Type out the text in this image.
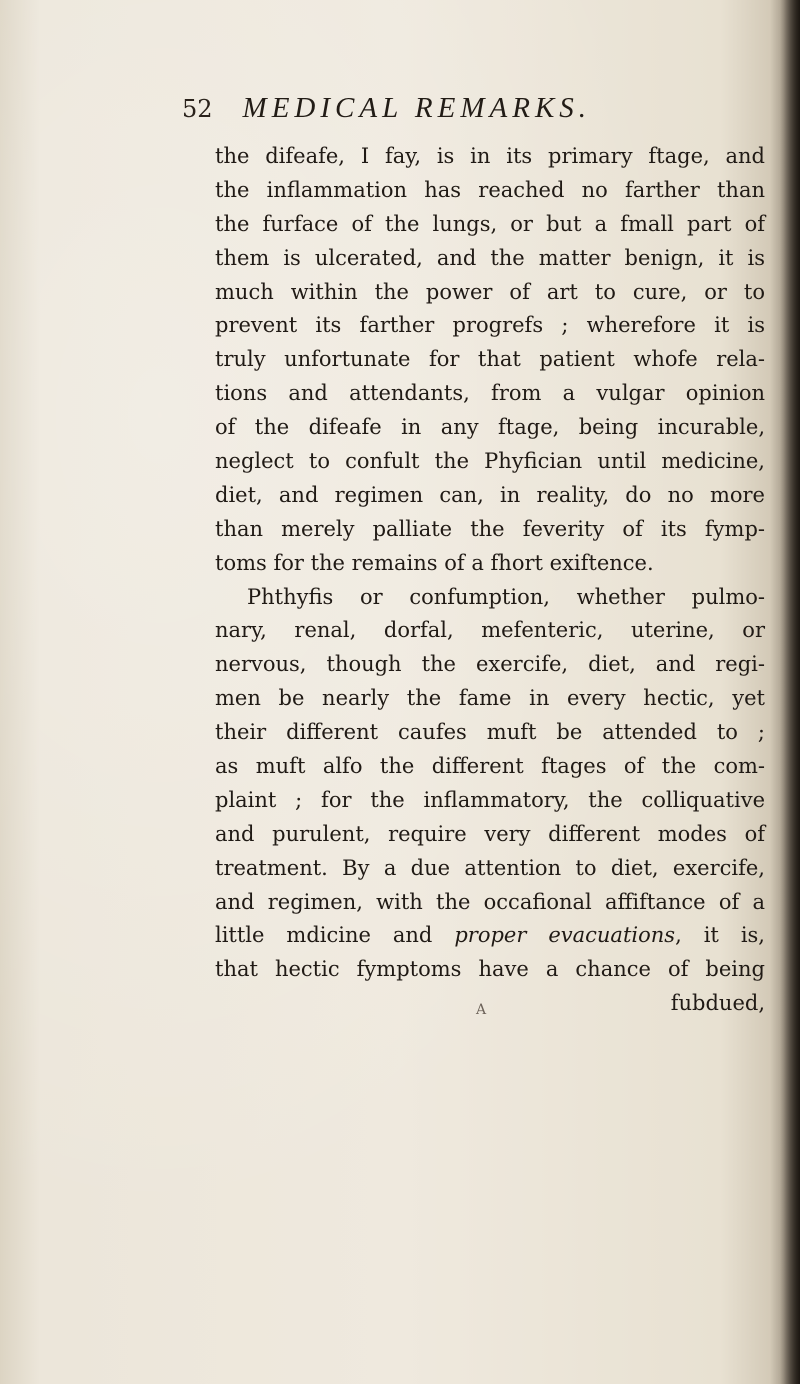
52 MEDICAL REMARKS.
the difeafe, I fay, is in its primary ftage, and
the inflammation has reached no farther than
the furface of the lungs, or but a fmall part of
them is ulcerated, and the matter benign, it is
much within the power of art to cure, or to
prevent its farther progrefs ; wherefore it is
truly unfortunate for that patient whofe rela-
tions and attendants, from a vulgar opinion
of the difeafe in any ftage, being incurable,
neglect to confult the Phyfician until medicine,
diet, and regimen can, in reality, do no more
than merely palliate the feverity of its fymp-
toms for the remains of a fhort exiftence.
Phthyfis or confumption, whether pulmo-
nary, renal, dorfal, mefenteric, uterine, or
nervous, though the exercife, diet, and regi-
men be nearly the fame in every hectic, yet
their different caufes muft be attended to ;
as muft alfo the different ftages of the com-
plaint ; for the inflammatory, the colliquative
and purulent, require very different modes of
treatment. By a due attention to diet, exercife,
and regimen, with the occafional affiftance of a
little mdicine and proper evacuations, it is,
that hectic fymptoms have a chance of being
fubdued,
A
